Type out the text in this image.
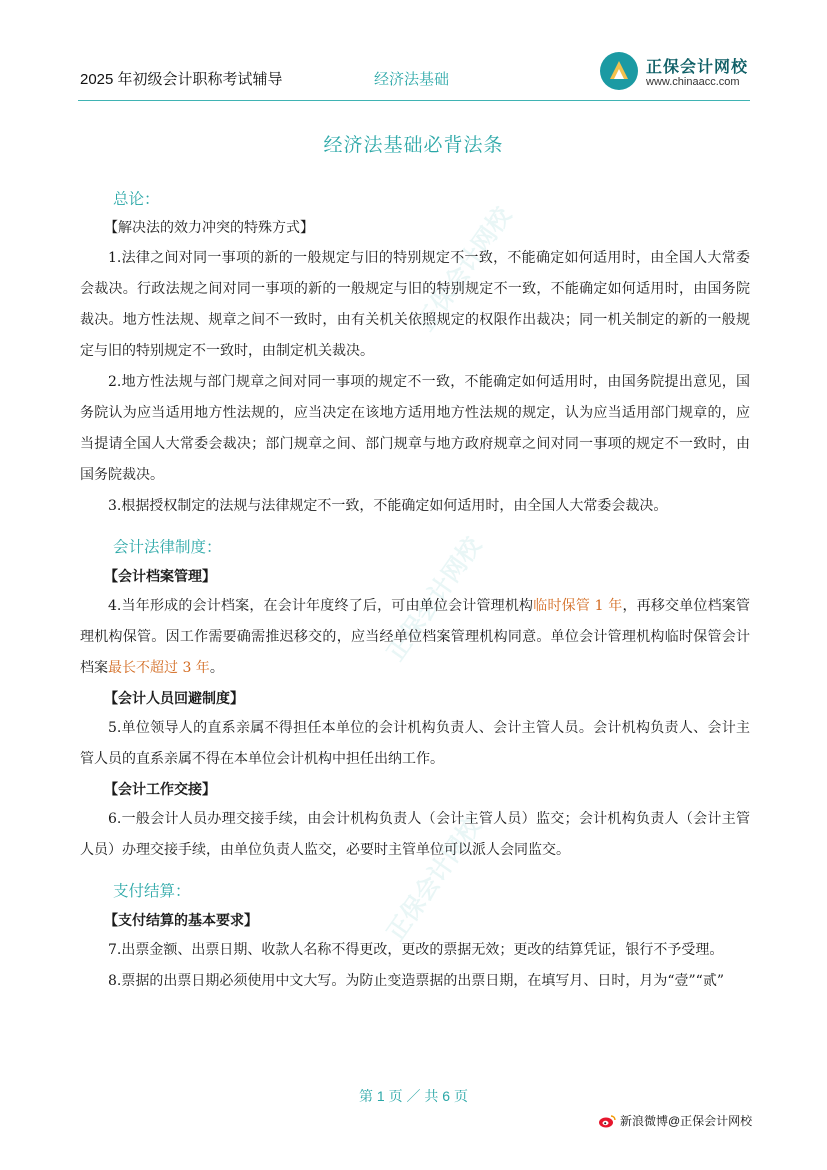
2025 年初级会计职称考试辅导	经济法基础
正保会计网校
www.chinaacc.com
正保会计网校
正保会计网校
正保会计网校
经济法基础必背法条
总论：
【解决法的效力冲突的特殊方式】

1.法律之间对同一事项的新的一般规定与旧的特别规定不一致，不能确定如何适用时，由全国人大常委会裁决。行政法规之间对同一事项的新的一般规定与旧的特别规定不一致，不能确定如何适用时，由国务院裁决。地方性法规、规章之间不一致时，由有关机关依照规定的权限作出裁决；同一机关制定的新的一般规定与旧的特别规定不一致时，由制定机关裁决。

2.地方性法规与部门规章之间对同一事项的规定不一致，不能确定如何适用时，由国务院提出意见，国务院认为应当适用地方性法规的，应当决定在该地方适用地方性法规的规定，认为应当适用部门规章的，应当提请全国人大常委会裁决；部门规章之间、部门规章与地方政府规章之间对同一事项的规定不一致时，由国务院裁决。

3.根据授权制定的法规与法律规定不一致，不能确定如何适用时，由全国人大常委会裁决。

会计法律制度：
【会计档案管理】

4.当年形成的会计档案，在会计年度终了后，可由单位会计管理机构临时保管 1 年，再移交单位档案管理机构保管。因工作需要确需推迟移交的，应当经单位档案管理机构同意。单位会计管理机构临时保管会计档案最长不超过 3 年。

【会计人员回避制度】

5.单位领导人的直系亲属不得担任本单位的会计机构负责人、会计主管人员。会计机构负责人、会计主管人员的直系亲属不得在本单位会计机构中担任出纳工作。

【会计工作交接】

6.一般会计人员办理交接手续，由会计机构负责人（会计主管人员）监交；会计机构负责人（会计主管人员）办理交接手续，由单位负责人监交，必要时主管单位可以派人会同监交。

支付结算：
【支付结算的基本要求】

7.出票金额、出票日期、收款人名称不得更改，更改的票据无效；更改的结算凭证，银行不予受理。

8.票据的出票日期必须使用中文大写。为防止变造票据的出票日期，在填写月、日时，月为“壹”“贰”

第 1 页 ／ 共 6 页
新浪微博@正保会计网校
